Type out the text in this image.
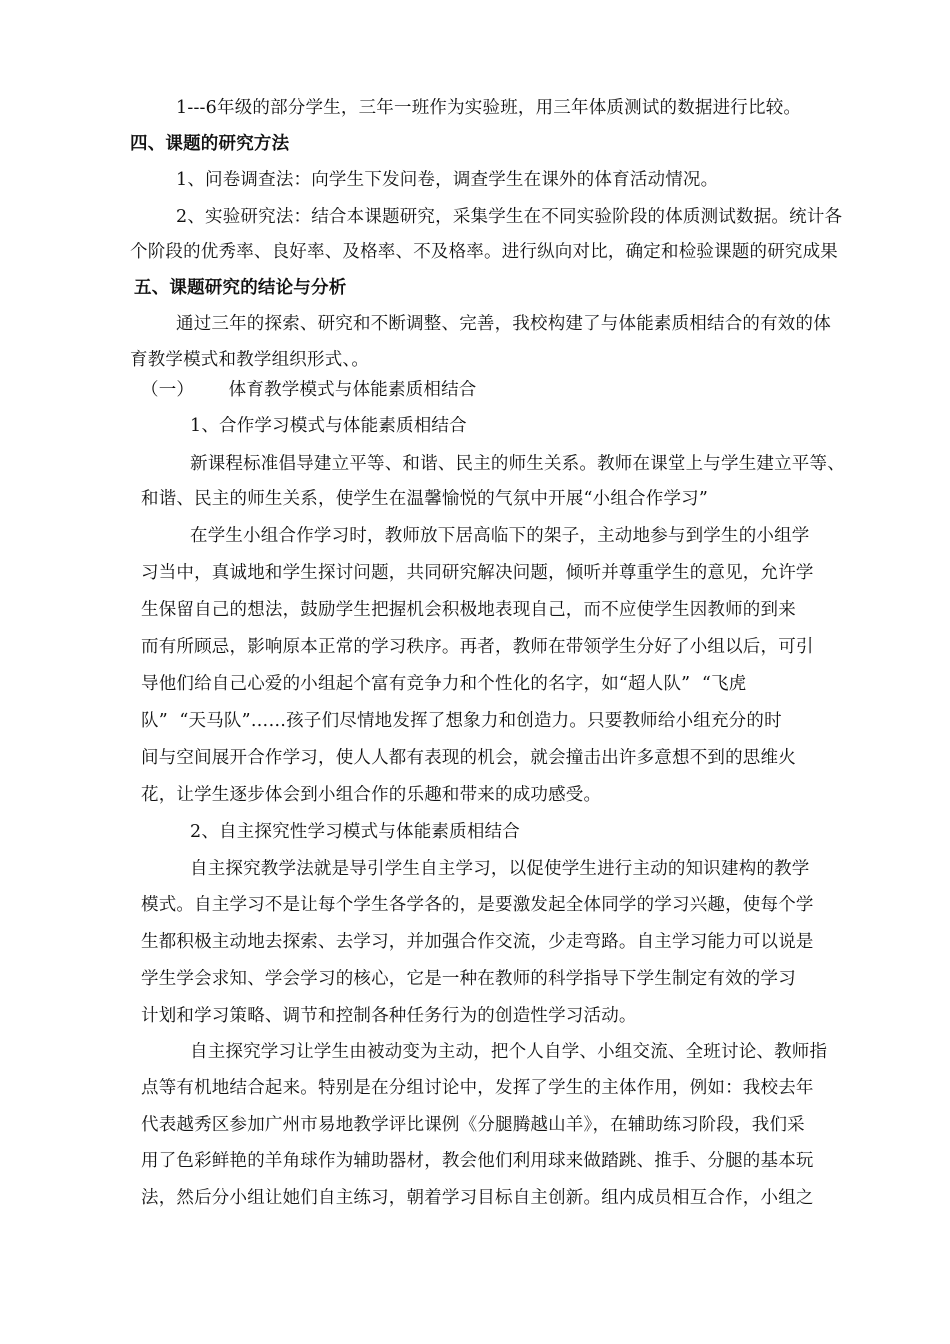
1---6年级的部分学生，三年一班作为实验班，用三年体质测试的数据进行比较。
四、课题的研究方法
1、问卷调查法：向学生下发问卷，调查学生在课外的体育活动情况。
2、实验研究法：结合本课题研究，采集学生在不同实验阶段的体质测试数据。统计各
个阶段的优秀率、良好率、及格率、不及格率。进行纵向对比，确定和检验课题的研究成果
五、课题研究的结论与分析
通过三年的探索、研究和不断调整、完善，我校构建了与体能素质相结合的有效的体
育教学模式和教学组织形式、。
（一）      体育教学模式与体能素质相结合
1、合作学习模式与体能素质相结合
新课程标准倡导建立平等、和谐、民主的师生关系。教师在课堂上与学生建立平等、
和谐、民主的师生关系，使学生在温馨愉悦的气氛中开展“小组合作学习”
在学生小组合作学习时，教师放下居高临下的架子，主动地参与到学生的小组学
习当中，真诚地和学生探讨问题，共同研究解决问题，倾听并尊重学生的意见，允许学
生保留自己的想法，鼓励学生把握机会积极地表现自己，而不应使学生因教师的到来
而有所顾忌，影响原本正常的学习秩序。再者，教师在带领学生分好了小组以后，可引
导他们给自己心爱的小组起个富有竞争力和个性化的名字，如“超人队”  “飞虎
队”  “天马队”……孩子们尽情地发挥了想象力和创造力。只要教师给小组充分的时
间与空间展开合作学习，使人人都有表现的机会，就会撞击出许多意想不到的思维火
花，让学生逐步体会到小组合作的乐趣和带来的成功感受。
2、自主探究性学习模式与体能素质相结合
自主探究教学法就是导引学生自主学习，以促使学生进行主动的知识建构的教学
模式。自主学习不是让每个学生各学各的，是要激发起全体同学的学习兴趣，使每个学
生都积极主动地去探索、去学习，并加强合作交流，少走弯路。自主学习能力可以说是
学生学会求知、学会学习的核心，它是一种在教师的科学指导下学生制定有效的学习
计划和学习策略、调节和控制各种任务行为的创造性学习活动。
自主探究学习让学生由被动变为主动，把个人自学、小组交流、全班讨论、教师指
点等有机地结合起来。特别是在分组讨论中，发挥了学生的主体作用，例如：我校去年
代表越秀区参加广州市易地教学评比课例《分腿腾越山羊》，在辅助练习阶段，我们采
用了色彩鲜艳的羊角球作为辅助器材，教会他们利用球来做踏跳、推手、分腿的基本玩
法，然后分小组让她们自主练习，朝着学习目标自主创新。组内成员相互合作，小组之
